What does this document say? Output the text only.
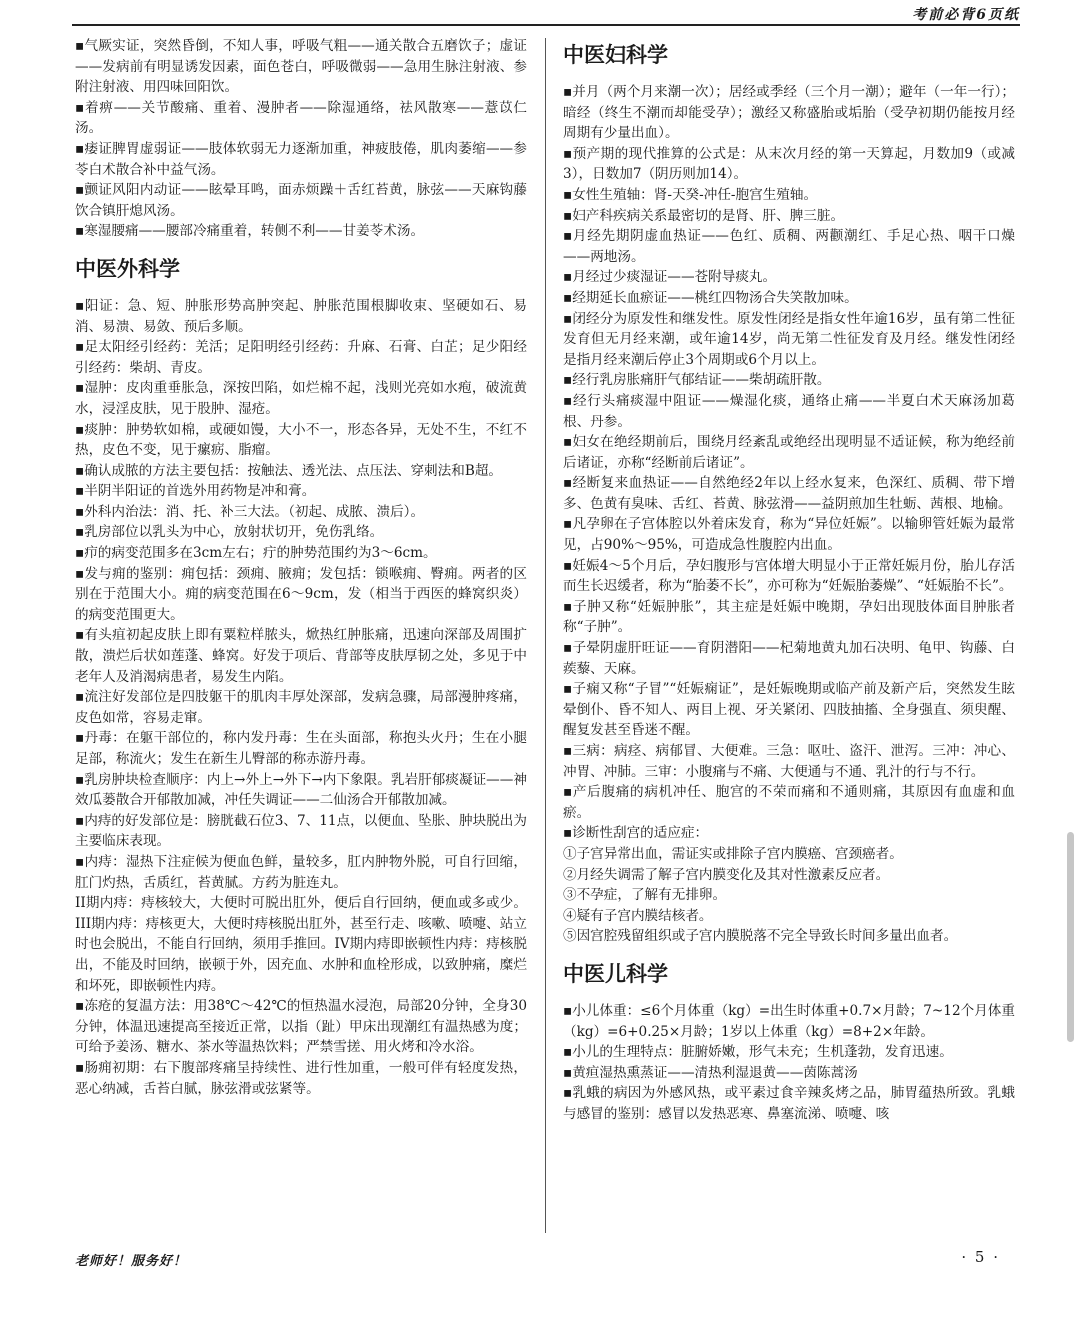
考前必背6页纸

▪气厥实证，突然昏倒，不知人事，呼吸气粗——通关散合五磨饮子；虚证——发病前有明显诱发因素，面色苍白，呼吸微弱——急用生脉注射液、参附注射液、用四味回阳饮。

▪着痹——关节酸痛、重着、漫肿者——除湿通络，祛风散寒——薏苡仁汤。

▪痿证脾胃虚弱证——肢体软弱无力逐渐加重，神疲肢倦，肌肉萎缩——参苓白术散合补中益气汤。

▪颤证风阳内动证——眩晕耳鸣，面赤烦躁＋舌红苔黄，脉弦——天麻钩藤饮合镇肝熄风汤。

▪寒湿腰痛——腰部冷痛重着，转侧不利——甘姜苓术汤。

中医外科学

▪阳证：急、短、肿胀形势高肿突起、肿胀范围根脚收束、坚硬如石、易消、易溃、易敛、预后多顺。

▪足太阳经引经药：羌活；足阳明经引经药：升麻、石膏、白芷；足少阳经引经药：柴胡、青皮。

▪湿肿：皮肉重垂胀急，深按凹陷，如烂棉不起，浅则光亮如水疱，破流黄水，浸淫皮肤，见于股肿、湿疮。

▪痰肿：肿势软如棉，或硬如馒，大小不一，形态各异，无处不生，不红不热，皮色不变，见于瘰疬、脂瘤。

▪确认成脓的方法主要包括：按触法、透光法、点压法、穿刺法和B超。

▪半阴半阳证的首选外用药物是冲和膏。

▪外科内治法：消、托、补三大法。（初起、成脓、溃后）。

▪乳房部位以乳头为中心，放射状切开，免伤乳络。

▪疖的病变范围多在3cm左右；疔的肿势范围约为3～6cm。

▪发与痈的鉴别：痈包括：颈痈、腋痈；发包括：锁喉痈、臀痈。两者的区别在于范围大小。痈的病变范围在6～9cm，发（相当于西医的蜂窝织炎）的病变范围更大。

▪有头疽初起皮肤上即有粟粒样脓头，焮热红肿胀痛，迅速向深部及周围扩散，溃烂后状如莲蓬、蜂窝。好发于项后、背部等皮肤厚韧之处，多见于中老年人及消渴病患者，易发生内陷。

▪流注好发部位是四肢躯干的肌肉丰厚处深部，发病急骤，局部漫肿疼痛，皮色如常，容易走窜。

▪丹毒：在躯干部位的，称内发丹毒：生在头面部，称抱头火丹；生在小腿足部，称流火；发生在新生儿臀部的称赤游丹毒。

▪乳房肿块检查顺序：内上→外上→外下→内下象限。乳岩肝郁痰凝证——神效瓜蒌散合开郁散加减，冲任失调证——二仙汤合开郁散加减。

▪内痔的好发部位是：膀胱截石位3、7、11点，以便血、坠胀、肿块脱出为主要临床表现。

▪内痔：湿热下注症候为便血色鲜，量较多，肛内肿物外脱，可自行回缩，肛门灼热，舌质红，苔黄腻。方药为脏连丸。

II期内痔：痔核较大，大便时可脱出肛外，便后自行回纳，便血或多或少。III期内痔：痔核更大，大便时痔核脱出肛外，甚至行走、咳嗽、喷嚏、站立时也会脱出，不能自行回纳，须用手推回。IV期内痔即嵌顿性内痔：痔核脱出，不能及时回纳，嵌顿于外，因充血、水肿和血栓形成，以致肿痛，糜烂和坏死，即嵌顿性内痔。

▪冻疮的复温方法：用38℃～42℃的恒热温水浸泡，局部20分钟，全身30分钟，体温迅速提高至接近正常，以指（趾）甲床出现潮红有温热感为度；可给予姜汤、糖水、茶水等温热饮料；严禁雪搓、用火烤和冷水浴。

▪肠痈初期：右下腹部疼痛呈持续性、进行性加重，一般可伴有轻度发热，恶心纳减，舌苔白腻，脉弦滑或弦紧等。

中医妇科学

▪并月（两个月来潮一次）；居经或季经（三个月一潮）；避年（一年一行）；暗经（终生不潮而却能受孕）；激经又称盛胎或垢胎（受孕初期仍能按月经周期有少量出血）。

▪预产期的现代推算的公式是：从末次月经的第一天算起，月数加9（或减3），日数加7（阴历则加14）。

▪女性生殖轴：肾-天癸-冲任-胞宫生殖轴。

▪妇产科疾病关系最密切的是肾、肝、脾三脏。

▪月经先期阴虚血热证——色红、质稠、两颧潮红、手足心热、咽干口燥——两地汤。

▪月经过少痰湿证——苍附导痰丸。

▪经期延长血瘀证——桃红四物汤合失笑散加味。

▪闭经分为原发性和继发性。原发性闭经是指女性年逾16岁，虽有第二性征发育但无月经来潮，或年逾14岁，尚无第二性征发育及月经。继发性闭经是指月经来潮后停止3个周期或6个月以上。

▪经行乳房胀痛肝气郁结证——柴胡疏肝散。

▪经行头痛痰湿中阻证——燥湿化痰，通络止痛——半夏白术天麻汤加葛根、丹参。

▪妇女在绝经期前后，围绕月经紊乱或绝经出现明显不适证候，称为绝经前后诸证，亦称“经断前后诸证”。

▪经断复来血热证——自然绝经2年以上经水复来，色深红、质稠、带下增多、色黄有臭味、舌红、苔黄、脉弦滑——益阴煎加生牡蛎、茜根、地榆。

▪凡孕卵在子宫体腔以外着床发育，称为“异位妊娠”。以输卵管妊娠为最常见，占90%～95%，可造成急性腹腔内出血。

▪妊娠4～5个月后，孕妇腹形与宫体增大明显小于正常妊娠月份，胎儿存活而生长迟缓者，称为“胎萎不长”，亦可称为“妊娠胎萎燥”、“妊娠胎不长”。

▪子肿又称“妊娠肿胀”，其主症是妊娠中晚期，孕妇出现肢体面目肿胀者称“子肿”。

▪子晕阴虚肝旺证——育阴潜阳——杞菊地黄丸加石决明、龟甲、钩藤、白蒺藜、天麻。

▪子痫又称“子冒”“妊娠痫证”，是妊娠晚期或临产前及新产后，突然发生眩晕倒仆、昏不知人、两目上视、牙关紧闭、四肢抽搐、全身强直、须臾醒、醒复发甚至昏迷不醒。

▪三病：病痉、病郁冒、大便难。三急：呕吐、盗汗、泄泻。三冲：冲心、冲胃、冲肺。三审：小腹痛与不痛、大便通与不通、乳汁的行与不行。

▪产后腹痛的病机冲任、胞宫的不荣而痛和不通则痛，其原因有血虚和血瘀。

▪诊断性刮宫的适应症：

①子宫异常出血，需证实或排除子宫内膜癌、宫颈癌者。

②月经失调需了解子宫内膜变化及其对性激素反应者。

③不孕症，了解有无排卵。

④疑有子宫内膜结核者。

⑤因宫腔残留组织或子宫内膜脱落不完全导致长时间多量出血者。

中医儿科学

▪小儿体重：≤6个月体重（kg）=出生时体重+0.7×月龄；7~12个月体重（kg）=6+0.25×月龄；1岁以上体重（kg）=8+2×年龄。

▪小儿的生理特点：脏腑娇嫩，形气未充；生机蓬勃，发育迅速。

▪黄疸湿热熏蒸证——清热利湿退黄——茵陈蒿汤

▪乳蛾的病因为外感风热，或平素过食辛辣炙烤之品，肺胃蕴热所致。乳蛾与感冒的鉴别：感冒以发热恶寒、鼻塞流涕、喷嚏、咳

老师好！服务好！	· 5 ·
